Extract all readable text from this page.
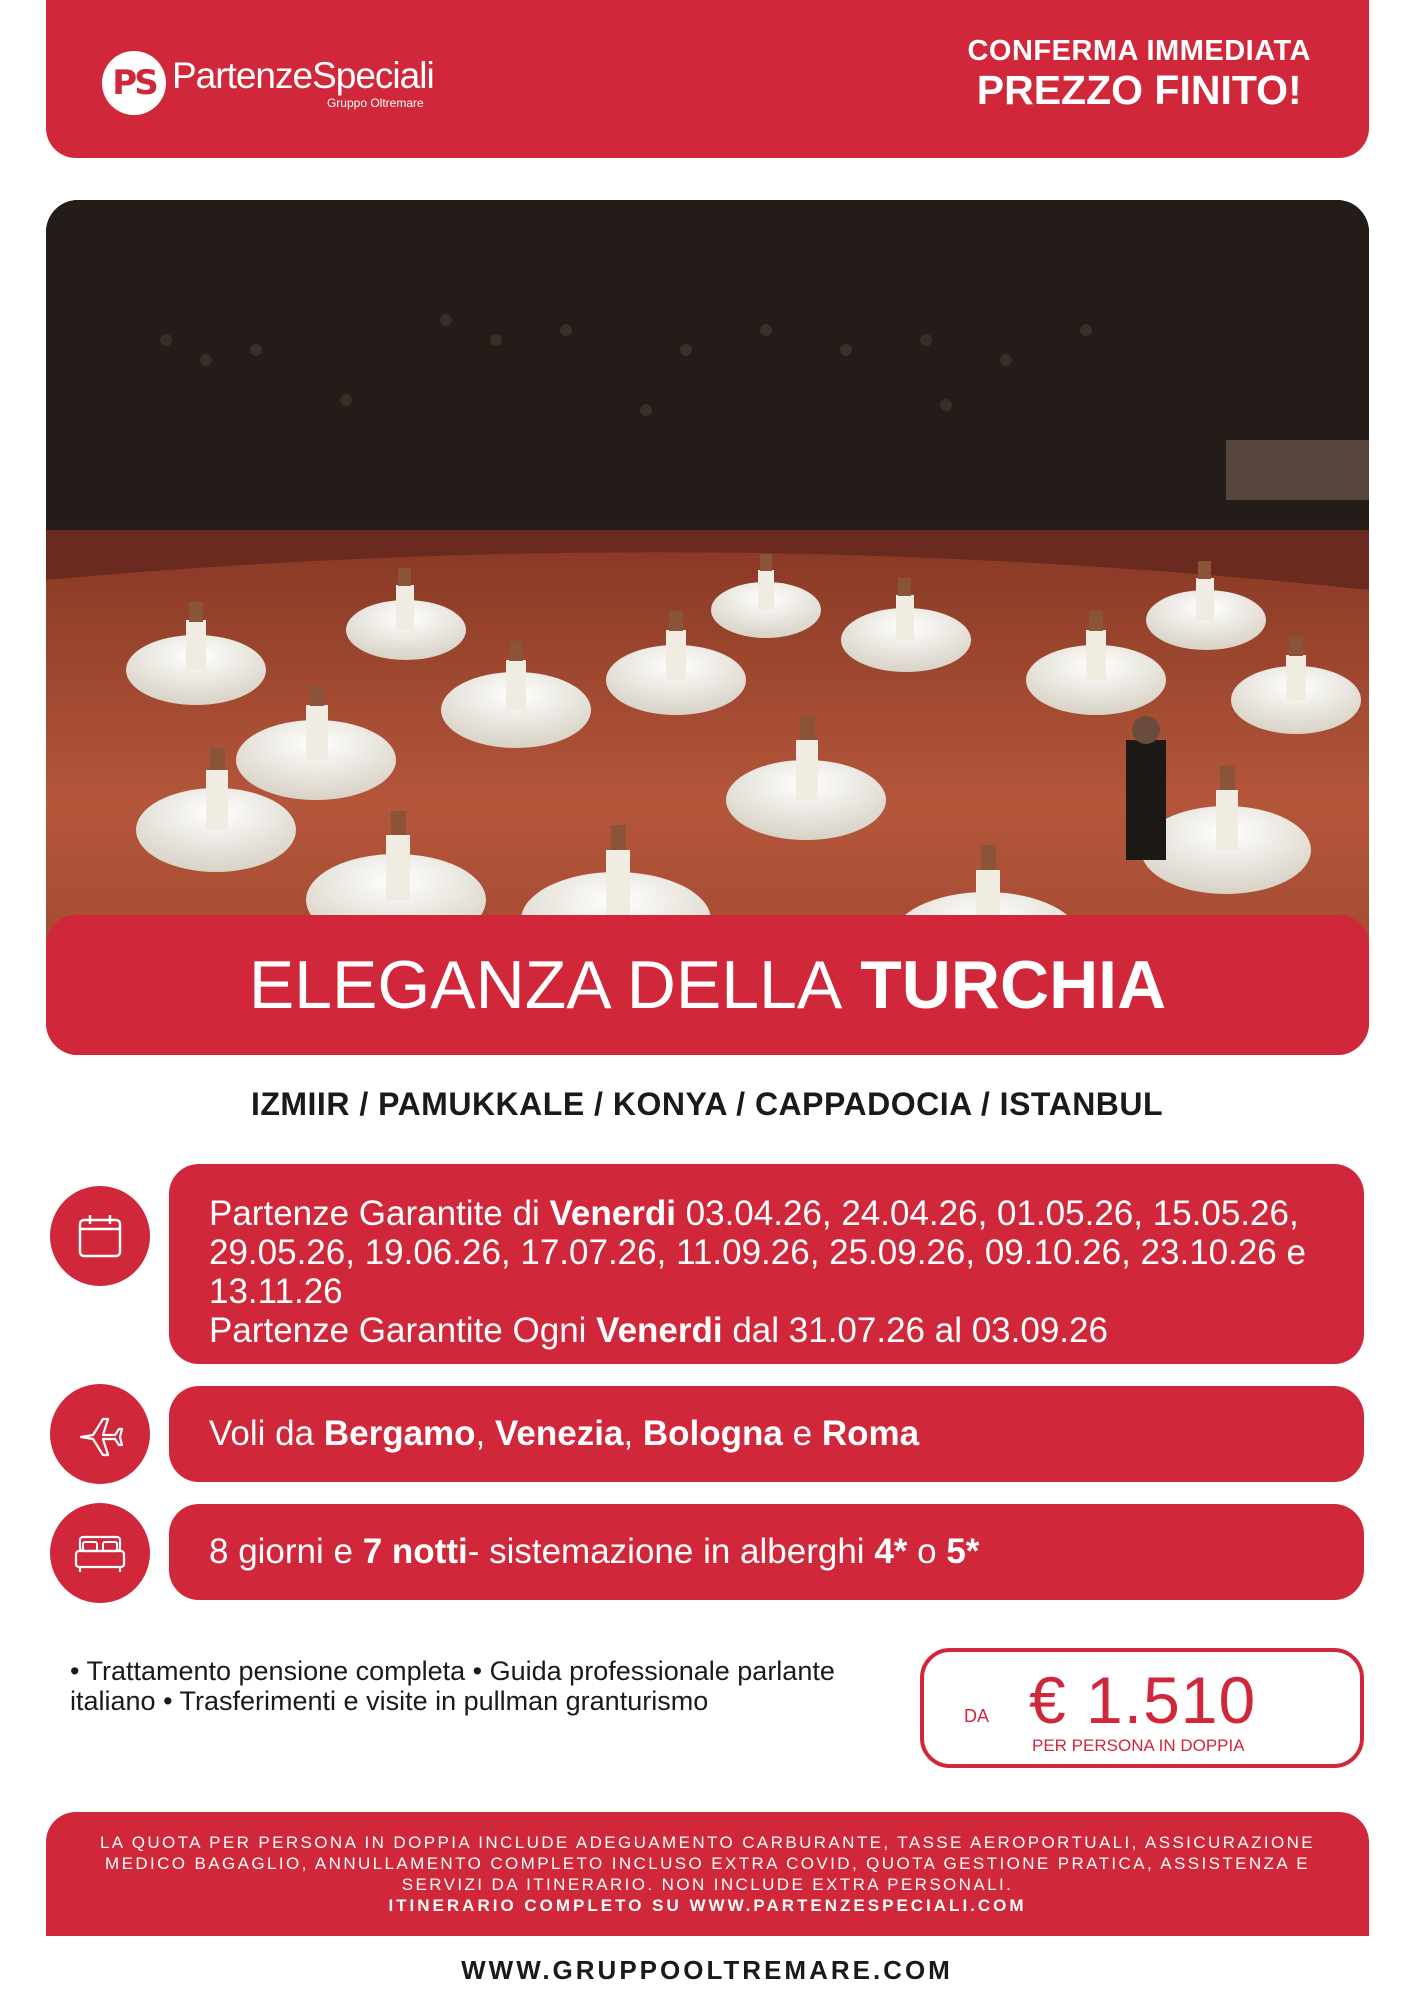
PS PartenzeSpeciali
Gruppo Oltremare
CONFERMA IMMEDIATA
PREZZO FINITO!
ELEGANZA DELLA TURCHIA
IZMIIR / PAMUKKALE / KONYA / CAPPADOCIA / ISTANBUL
Partenze Garantite di Venerdi 03.04.26, 24.04.26, 01.05.26, 15.05.26, 29.05.26, 19.06.26, 17.07.26, 11.09.26, 25.09.26, 09.10.26, 23.10.26 e 13.11.26
Partenze Garantite Ogni Venerdi dal 31.07.26 al 03.09.26
Voli da
Bergamo ,
Venezia ,
Bologna
e
Roma
8 giorni e
7 notti - sistemazione in alberghi
4*
o
5*
• Trattamento pensione completa • Guida professionale parlante italiano • Trasferimenti e visite in pullman granturismo	DA € 1.510
PER PERSONA IN DOPPIA
LA QUOTA PER PERSONA IN DOPPIA INCLUDE ADEGUAMENTO CARBURANTE, TASSE AEROPORTUALI, ASSICURAZIONE MEDICO BAGAGLIO, ANNULLAMENTO COMPLETO INCLUSO EXTRA COVID, QUOTA GESTIONE PRATICA, ASSISTENZA E SERVIZI DA ITINERARIO. NON INCLUDE EXTRA PERSONALI.
ITINERARIO COMPLETO SU WWW.PARTENZESPECIALI.COM
WWW.GRUPPOOLTREMARE.COM
